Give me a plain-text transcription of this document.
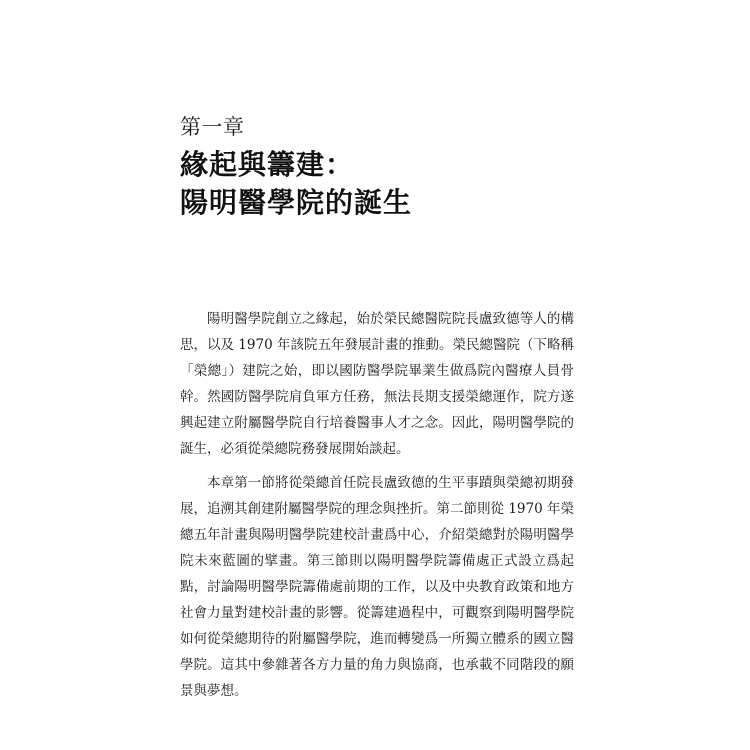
第一章
緣起與籌建：
陽明醫學院的誕生

陽明醫學院創立之緣起，始於榮民總醫院院長盧致德等人的構思，以及 1970 年該院五年發展計畫的推動。榮民總醫院（下略稱「榮總」）建院之始，即以國防醫學院畢業生做爲院內醫療人員骨幹。然國防醫學院肩負軍方任務，無法長期支援榮總運作，院方遂興起建立附屬醫學院自行培養醫事人才之念。因此，陽明醫學院的誕生，必須從榮總院務發展開始談起。

本章第一節將從榮總首任院長盧致德的生平事蹟與榮總初期發展，追溯其創建附屬醫學院的理念與挫折。第二節則從 1970 年榮總五年計畫與陽明醫學院建校計畫爲中心，介紹榮總對於陽明醫學院未來藍圖的擘畫。第三節則以陽明醫學院籌備處正式設立爲起點，討論陽明醫學院籌備處前期的工作，以及中央教育政策和地方社會力量對建校計畫的影響。從籌建過程中，可觀察到陽明醫學院如何從榮總期待的附屬醫學院，進而轉變爲一所獨立體系的國立醫學院。這其中參雜著各方力量的角力與協商，也承載不同階段的願景與夢想。
